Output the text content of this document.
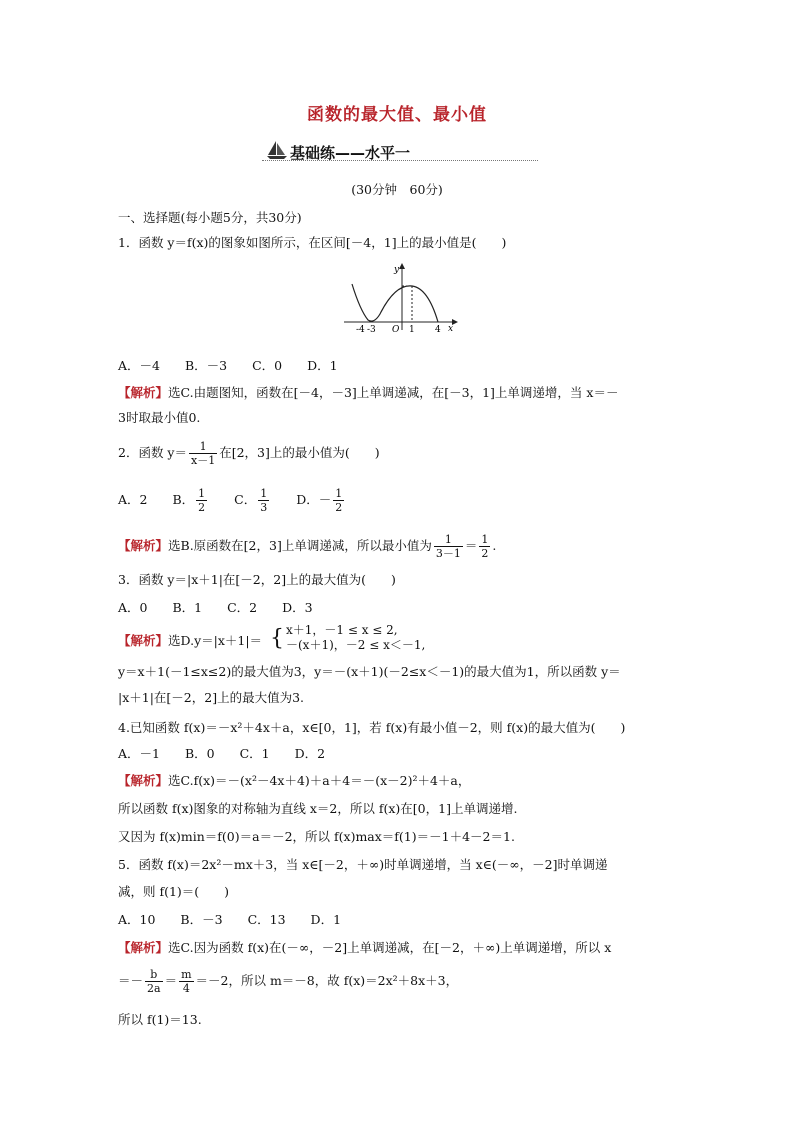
函数的最大值、最小值
基础练——水平一
(30分钟　60分)
一、选择题(每小题5分，共30分)
1．函数 y＝f(x)的图象如图所示，在区间[－4，1]上的最小值是(　　)
y
x
O
-4 -3	1 4
A．－4　　B．－3　　C．0　　D．1
【解析】选C.由题图知，函数在[－4，－3]上单调递减，在[－3，1]上单调递增，当 x＝－
3时取最小值0.
2．函数 $y= \frac{1}{x-1}$ 在[2，3]上的最小值为(　　)
A．2　　B． $\frac{1}{2}$ 　　C． $\frac{1}{3}$ 　　D．－ $\frac{1}{2}$
【解析】选B.原函数在[2，3]上单调递减，所以最小值为 $\frac{1}{3-1} = \frac{1}{2}$ .
3．函数 y＝|x＋1|在[－2，2]上的最大值为(　　)
A．0　　B．1　　C．2　　D．3
【解析】选D.y＝|x＋1|＝ { x＋1，－1 ≤ x ≤ 2,
－(x＋1)，－2 ≤ x＜－1,
y＝x＋1(－1≤x≤2)的最大值为3，y＝－(x＋1)(－2≤x＜－1)的最大值为1，所以函数 y＝
|x＋1|在[－2，2]上的最大值为3.
4.已知函数 f(x)＝－x²＋4x＋a，x∈[0，1]，若 f(x)有最小值－2，则 f(x)的最大值为(　　)
A．－1　　B．0　　C．1　　D．2
【解析】选C.f(x)＝－(x²－4x＋4)＋a＋4＝－(x－2)²＋4＋a，
所以函数 f(x)图象的对称轴为直线 x＝2，所以 f(x)在[0，1]上单调递增.
又因为 f(x)min＝f(0)＝a＝－2，所以 f(x)max＝f(1)＝－1＋4－2＝1.
5．函数 f(x)＝2x²－mx＋3，当 x∈[－2，＋∞)时单调递增，当 x∈(－∞，－2]时单调递
减，则 f(1)＝(　　)
A．10　　B．－3　　C．13　　D．1
【解析】选C.因为函数 f(x)在(－∞，－2]上单调递减，在[－2，＋∞)上单调递增，所以 x
＝－ $\frac{b}{2a} = \frac{m}{4} =-2$，所以 m＝－8，故 f(x)＝2x²＋8x＋3，
所以 f(1)＝13.
